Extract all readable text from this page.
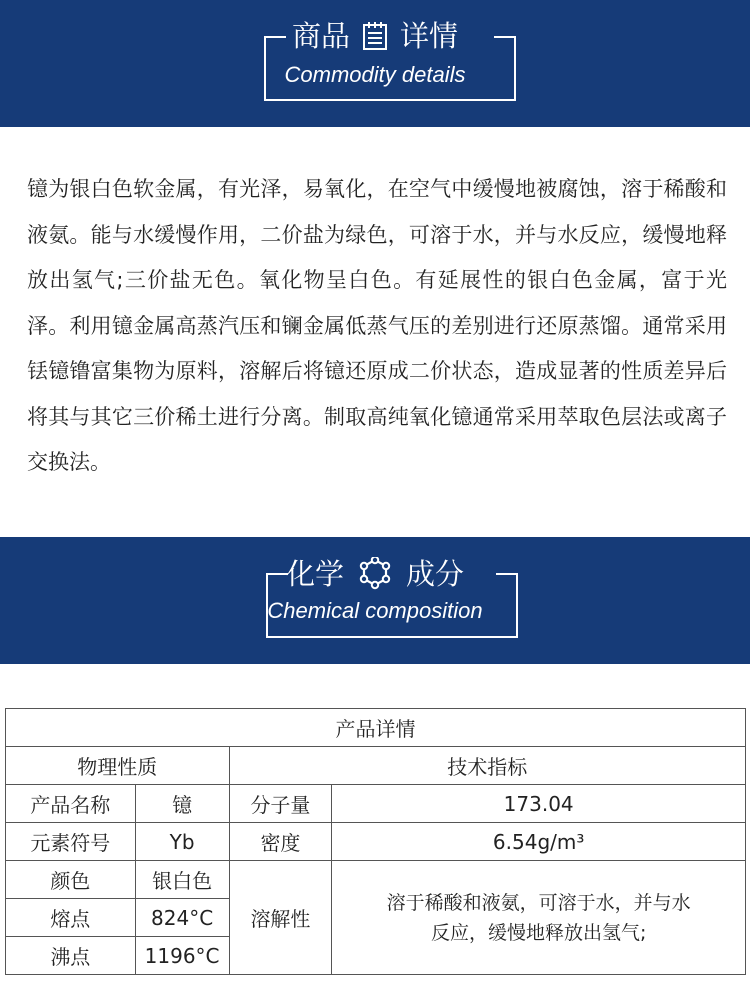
商品 详情
Commodity details

镱为银白色软金属，有光泽，易氧化，在空气中缓慢地被腐蚀，溶于稀酸和液氨。能与水缓慢作用，二价盐为绿色，可溶于水，并与水反应，缓慢地释放出氢气;三价盐无色。氧化物呈白色。有延展性的银白色金属，富于光泽。利用镱金属高蒸汽压和镧金属低蒸气压的差别进行还原蒸馏。通常采用铥镱镥富集物为原料，溶解后将镱还原成二价状态，造成显著的性质差异后将其与其它三价稀土进行分离。制取高纯氧化镱通常采用萃取色层法或离子交换法。

化学 成分
Chemical composition
产品详情			
物理性质		技术指标	
产品名称	镱	分子量	173.04
元素符号	Yb	密度	6.54g/m³
颜色	银白色	溶解性	溶于稀酸和液氨，可溶于水，并与水反应，缓慢地释放出氢气;

熔点	824°C		
沸点	1196°C		
